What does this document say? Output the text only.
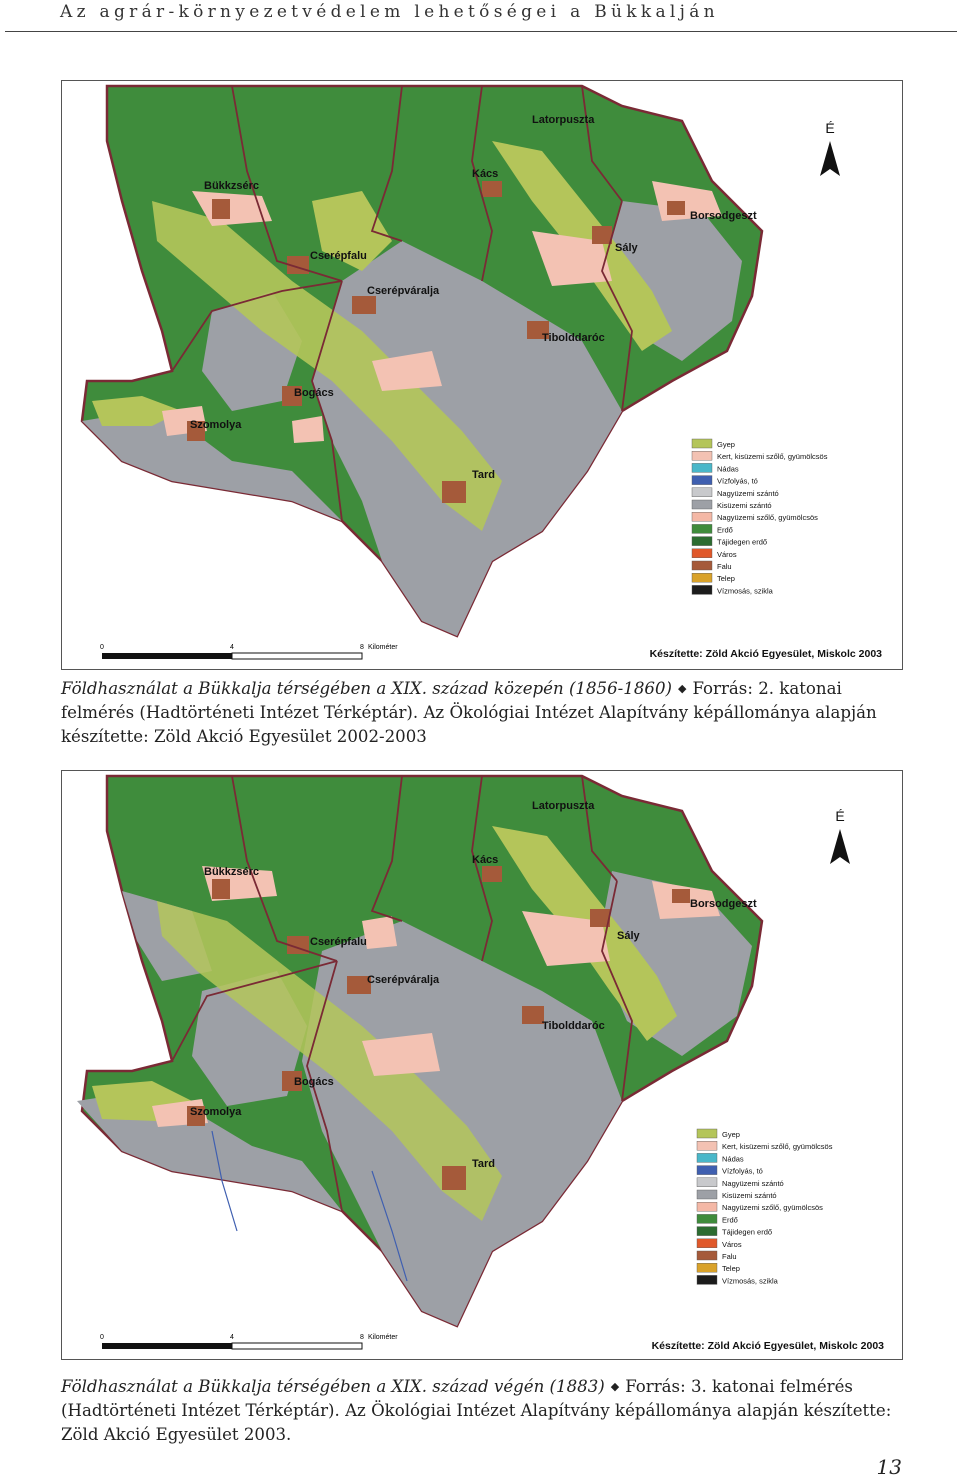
Az agrár-környezetvédelem lehetőségei a Bükkalján
É
Latorpuszta
Bükkzsérc
Kács
Borsodgeszt
Sály
Cserépfalu
Cserépváralja
Tibolddaróc
Bogács
Szomolya
Tard
Gyep
Kert, kisüzemi szőlő, gyümölcsös
Nádas
Vízfolyás, tó
Nagyüzemi szántó
Kisüzemi szántó
Nagyüzemi szőlő, gyümölcsös
Erdő
Tájidegen erdő
Város
Falu
Telep
Vízmosás, szikla
0	4	8 Kilométer
Készítette: Zöld Akció Egyesület, Miskolc 2003
Földhasználat a Bükkalja térségében a XIX. század közepén (1856-1860) ◆ Forrás: 2. katonai felmérés (Hadtörténeti Intézet Térképtár). Az Ökológiai Intézet Alapítvány képállománya alapján készítette: Zöld Akció Egyesület 2002-2003
É
Latorpuszta
Bükkzsérc
Kács
Borsodgeszt
Sály
Cserépfalu
Cserépváralja
Tibolddaróc
Bogács
Szomolya
Tard
Gyep
Kert, kisüzemi szőlő, gyümölcsös
Nádas
Vízfolyás, tó
Nagyüzemi szántó
Kisüzemi szántó
Nagyüzemi szőlő, gyümölcsös
Erdő
Tájidegen erdő
Város
Falu
Telep
Vízmosás, szikla
0	4	8 Kilométer
Készítette: Zöld Akció Egyesület, Miskolc 2003
Földhasználat a Bükkalja térségében a XIX. század végén (1883) ◆ Forrás: 3. katonai felmérés (Hadtörténeti Intézet Térképtár). Az Ökológiai Intézet Alapítvány képállománya alapján készítette: Zöld Akció Egyesület 2003.
13
